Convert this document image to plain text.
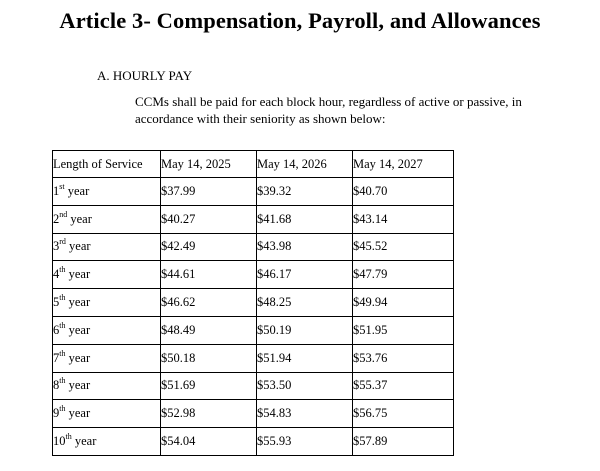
Article 3- Compensation, Payroll, and Allowances
A. HOURLY PAY
CCMs shall be paid for each block hour, regardless of active or passive, in accordance with their seniority as shown below:
Length of Service	May 14, 2025	May 14, 2026	May 14, 2027
1st year	$37.99	$39.32	$40.70
2nd year	$40.27	$41.68	$43.14
3rd year	$42.49	$43.98	$45.52
4th year	$44.61	$46.17	$47.79
5th year	$46.62	$48.25	$49.94
6th year	$48.49	$50.19	$51.95
7th year	$50.18	$51.94	$53.76
8th year	$51.69	$53.50	$55.37
9th year	$52.98	$54.83	$56.75
10th year	$54.04	$55.93	$57.89
